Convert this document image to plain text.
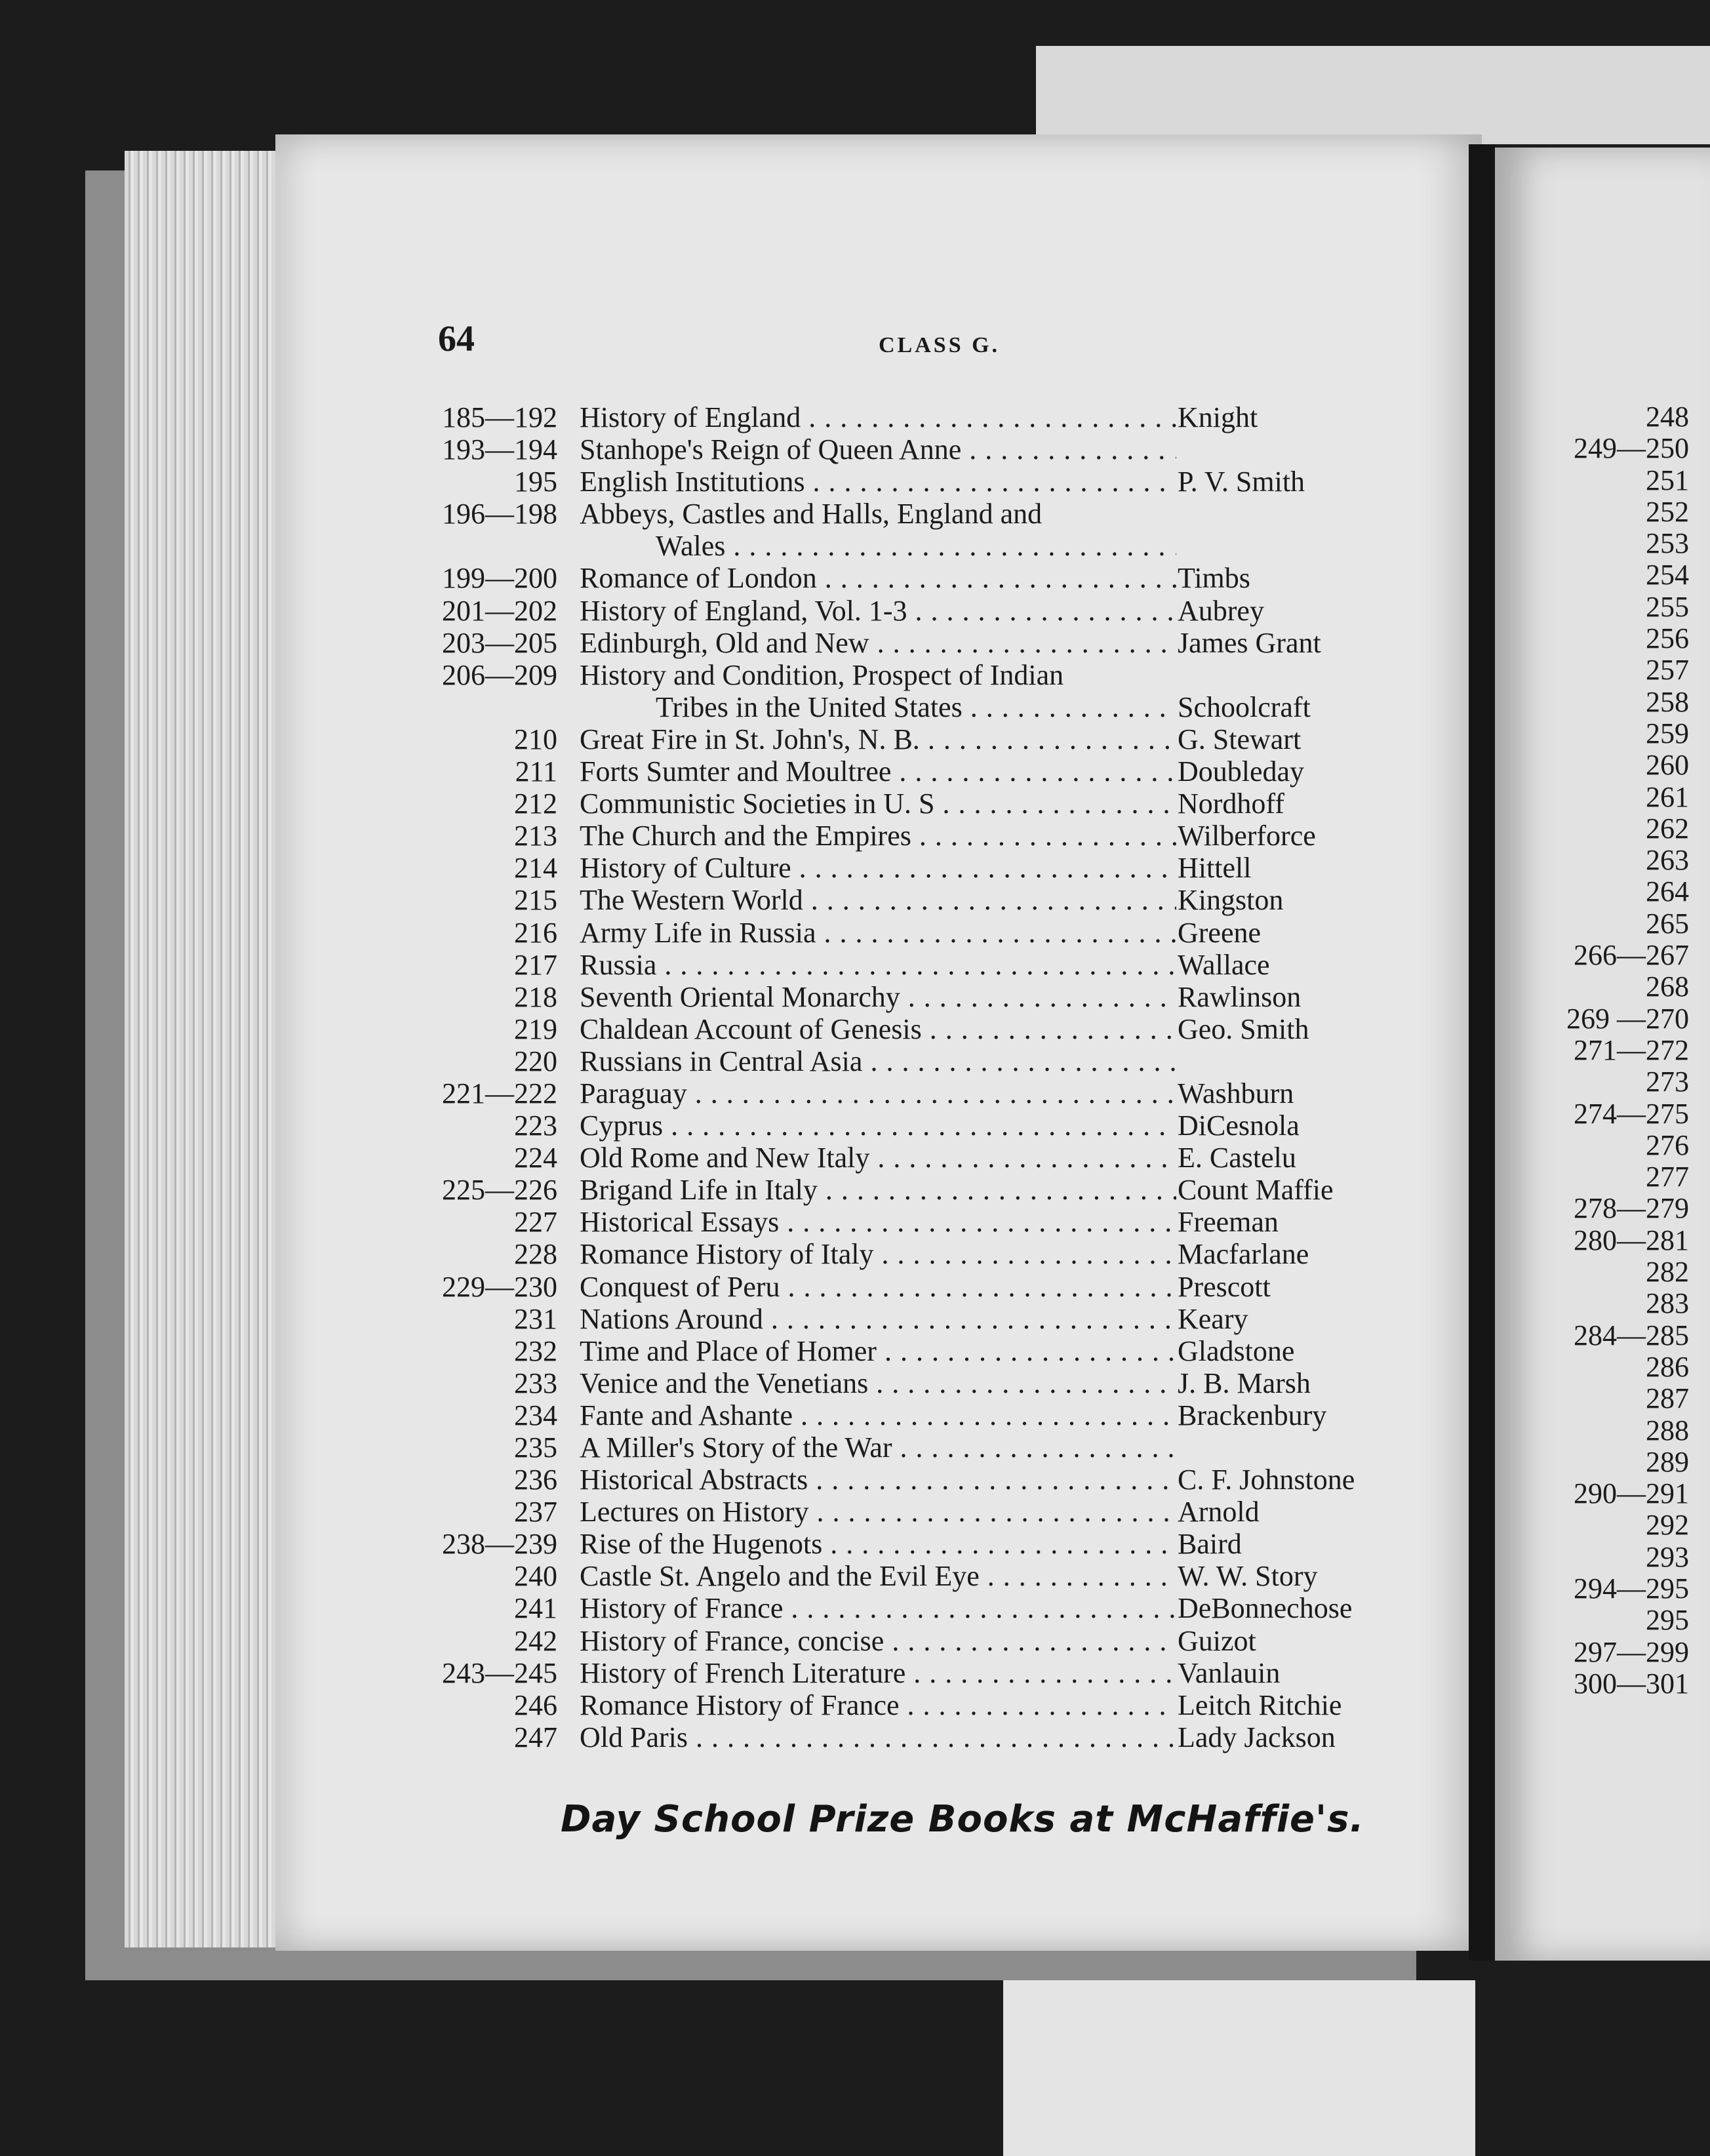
64	CLASS G.
185—192 History of England . . .	Knight
193—194 Stanhope's Reign of Queen Anne . . .
195 English Institutions . . .	P. V. Smith
196—198 Abbeys, Castles and Halls, England and
Wales . . .
199—200 Romance of London . . .	Timbs
201—202 History of England, Vol. 1-3 . . .	Aubrey
203—205 Edinburgh, Old and New . . .	James Grant
206—209 History and Condition, Prospect of Indian
Tribes in the United States . . .	Schoolcraft
210 Great Fire in St. John's, N. B. . . .	G. Stewart
211 Forts Sumter and Moultree . . .	Doubleday
212 Communistic Societies in U. S . . .	Nordhoff
213 The Church and the Empires . . .	Wilberforce
214 History of Culture . . .	Hittell
215 The Western World . . .	Kingston
216 Army Life in Russia . . .	Greene
217 Russia . . .	Wallace
218 Seventh Oriental Monarchy . . .	Rawlinson
219 Chaldean Account of Genesis . . .	Geo. Smith
220 Russians in Central Asia . . .
221—222 Paraguay . . .	Washburn
223 Cyprus . . .	DiCesnola
224 Old Rome and New Italy . . .	E. Castelu
225—226 Brigand Life in Italy . . .	Count Maffie
227 Historical Essays . . .	Freeman
228 Romance History of Italy . . .	Macfarlane
229—230 Conquest of Peru . . .	Prescott
231 Nations Around . . .	Keary
232 Time and Place of Homer . . .	Gladstone
233 Venice and the Venetians . . .	J. B. Marsh
234 Fante and Ashante . . .	Brackenbury
235 A Miller's Story of the War . . .
236 Historical Abstracts . . .	C. F. Johnstone
237 Lectures on History . . .	Arnold
238—239 Rise of the Hugenots . . .	Baird
240 Castle St. Angelo and the Evil Eye . . .	W. W. Story
241 History of France . . .	DeBonnechose
242 History of France, concise . . .	Guizot
243—245 History of French Literature . . .	Vanlauin
246 Romance History of France . . .	Leitch Ritchie
247 Old Paris . . .	Lady Jackson
Day School Prize Books at McHaffie's.
248
249—250
251
252
253
254
255
256
257
258
259
260
261
262
263
264
265
266—267
268
269 —270
271—272
273
274—275
276
277
278—279
280—281
282
283
284—285
286
287
288
289
290—291
292
293
294—295
295
297—299
300—301
